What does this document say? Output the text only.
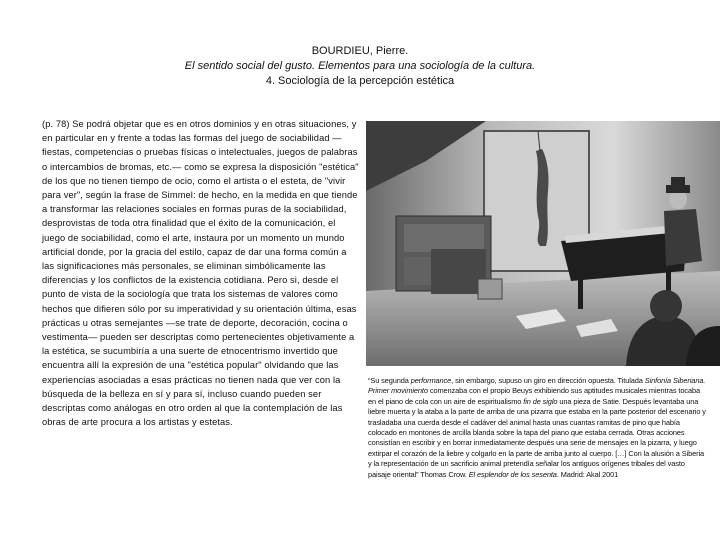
BOURDIEU, Pierre.
El sentido social del gusto. Elementos para una sociología de la cultura.
4. Sociología de la percepción estética
(p. 78) Se podrá objetar que es en otros dominios y en otras situaciones, y en particular en y frente a todas las formas del juego de sociabilidad —fiestas, competencias o pruebas físicas o intelectuales, juegos de palabras o intercambios de bromas, etc.— como se expresa la disposición "estética" de los que no tienen tiempo de ocio, como el artista o el esteta, de "vivir para ver", según la frase de Simmel: de hecho, en la medida en que tiende a transformar las relaciones sociales en formas puras de la sociabilidad, desprovistas de toda otra finalidad que el éxito de la comunicación, el juego de sociabilidad, como el arte, instaura por un momento un mundo artificial donde, por la gracia del estilo, capaz de dar una forma común a las significaciones más personales, se eliminan simbólicamente las diferencias y los conflictos de la existencia cotidiana. Pero si, desde el punto de vista de la sociología que trata los sistemas de valores como hechos que difieren sólo por su imperatividad y su orientación última, esas prácticas u otras semejantes —se trate de deporte, decoración, cocina o vestimenta— pueden ser descriptas como pertenecientes objetivamente a la estética, se sucumbiría a una suerte de etnocentrismo invertido que encuentra allí la expresión de una "estética popular" olvidando que las experiencias asociadas a esas prácticas no tienen nada que ver con la búsqueda de la belleza en sí y para sí, incluso cuando pueden ser descriptas como análogas en otro orden al que la contemplación de las obras de arte procura a los artistas y estetas.
“Su segunda performance, sin embargo, supuso un giro en dirección opuesta. Titulada Sinfonía Siberiana. Primer movimiento comenzaba con el propio Beuys exhibiendo sus aptitudes musicales mientras tocaba en el piano de cola con un aire de espiritualismo fin de siglo una pieza de Satie. Después levantaba una liebre muerta y la ataba a la parte de arriba de una pizarra que estaba en la parte posterior del escenario y trasladaba una cuerda desde el cadáver del animal hasta unas cuantas ramitas de pino que había colocado en montones de arcilla blanda sobre la tapa del piano que estaba cerrada. Otras acciones consistían en escribir y en borrar inmediatamente después una serie de mensajes en la pizarra, y luego extirpar el corazón de la liebre y colgarlo en la parte de arriba junto al cuerpo. […] Con la alusión a Siberia y la representación de un sacrificio animal pretendía señalar los antiguos orígenes tribales del vasto paisaje oriental” Thomas Crow. El esplendor de los sesenta. Madrid: Akal 2001
